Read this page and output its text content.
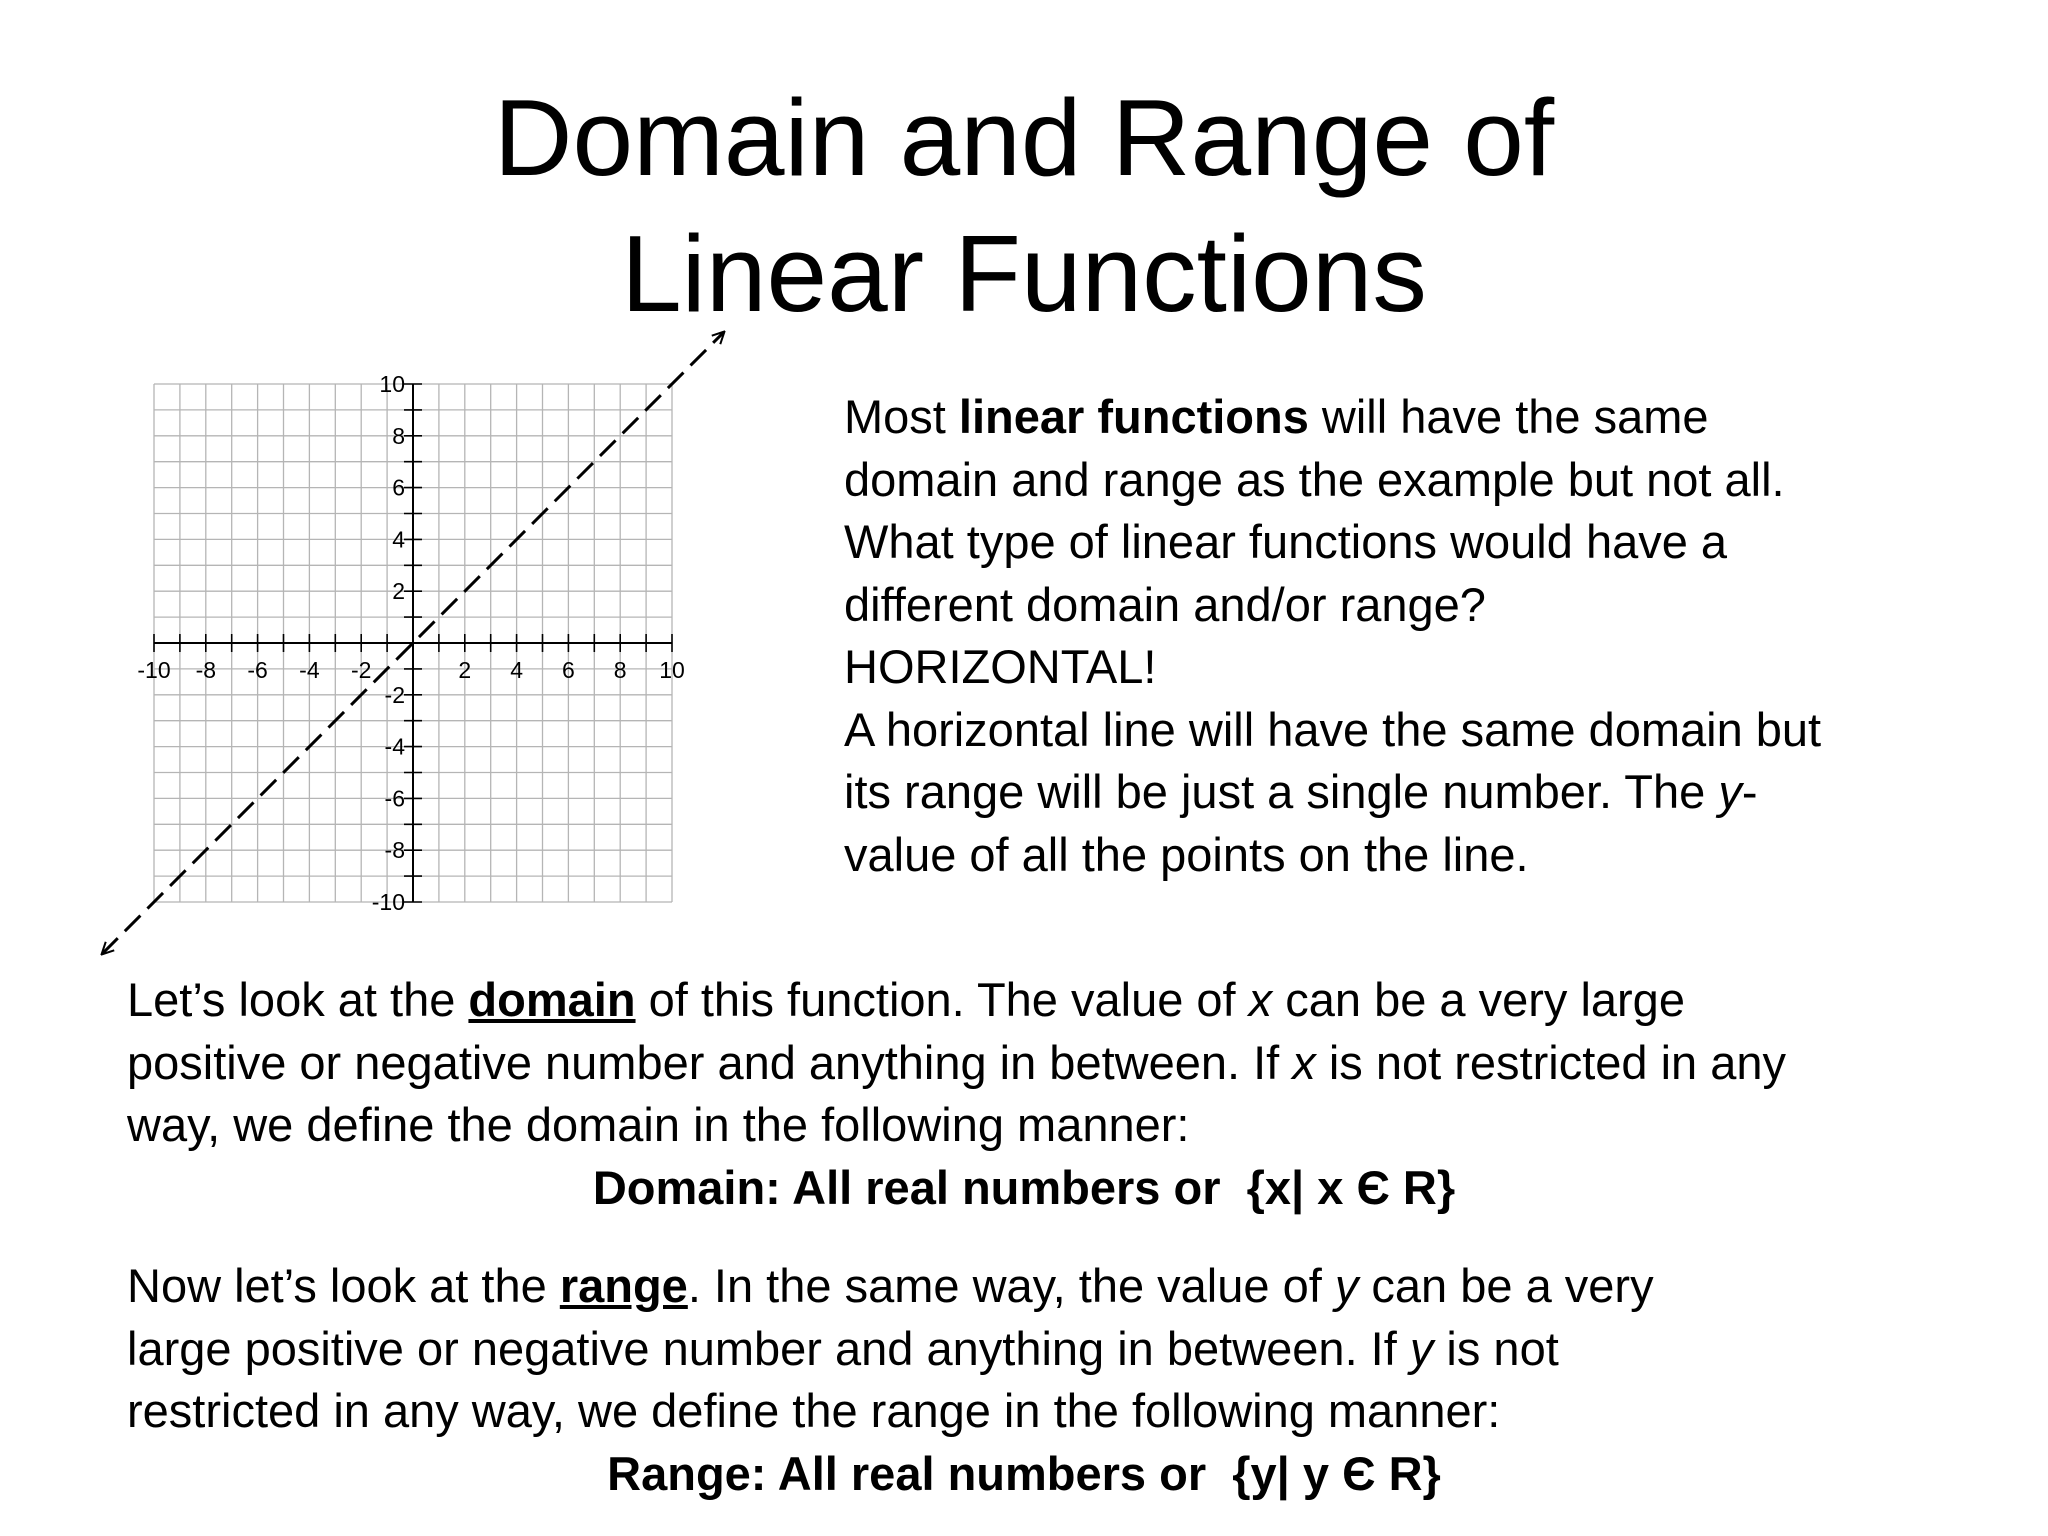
Domain and Range of
Linear Functions
-10 -8 -6 -4 -2	2 4 6 8 10
10
8
6
4
2
-2
-4
-6
-8
-10
Most linear functions will have the same
domain and range as the example but not all.
What type of linear functions would have a
different domain and/or range?
HORIZONTAL!
A horizontal line will have the same domain but
its range will be just a single number. The y-
value of all the points on the line.
Let’s look at the domain of this function. The value of x can be a very large
positive or negative number and anything in between. If x is not restricted in any
way, we define the domain in the following manner:
Domain: All real numbers or  {x| x Є R}
Now let’s look at the range. In the same way, the value of y can be a very
large positive or negative number and anything in between. If y is not
restricted in any way, we define the range in the following manner:
Range: All real numbers or  {y| y Є R}
